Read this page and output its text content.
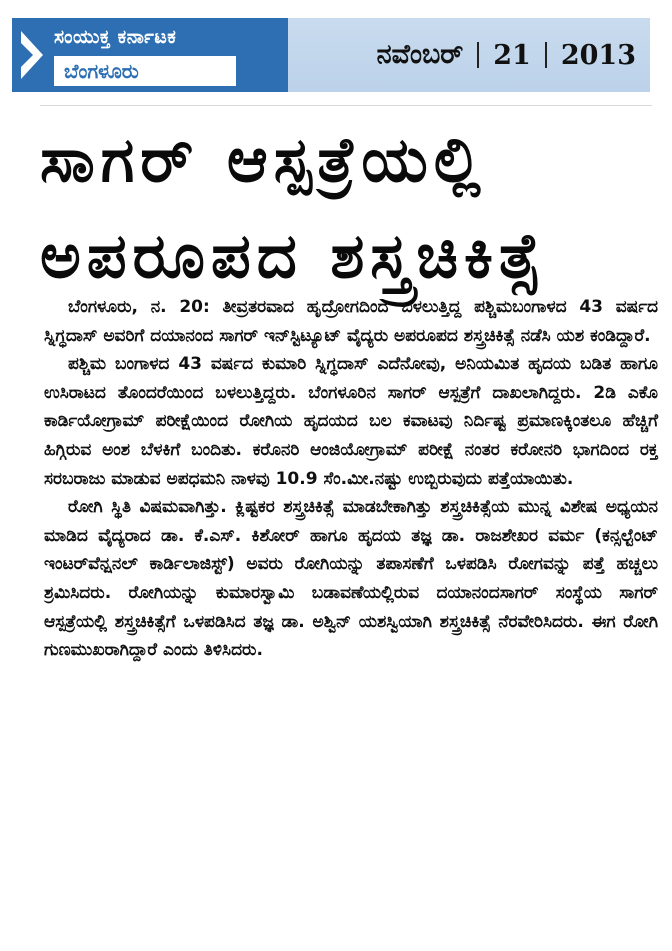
ಸಂಯುಕ್ತ ಕರ್ನಾಟಕ
ಬೆಂಗಳೂರು
ನವೆಂಬರ್ 21 2013
ಸಾಗರ್ ಆಸ್ಪತ್ರೆಯಲ್ಲಿ
ಅಪರೂಪದ ಶಸ್ತ್ರಚಿಕಿತ್ಸೆ

ಬೆಂಗಳೂರು, ನ. 20: ತೀವ್ರತರವಾದ ಹೃದ್ರೋಗದಿಂದ ಬಳಲುತ್ತಿದ್ದ ಪಶ್ಚಿಮಬಂಗಾಳದ 43 ವರ್ಷದ ಸ್ನಿಗ್ಧದಾಸ್ ಅವರಿಗೆ ದಯಾನಂದ ಸಾಗರ್ ಇನ್‌ಸ್ಟಿಟ್ಯೂಟ್ ವೈದ್ಯರು ಅಪರೂಪದ ಶಸ್ತ್ರಚಿಕಿತ್ಸೆ ನಡೆಸಿ ಯಶ ಕಂಡಿದ್ದಾರೆ.

ಪಶ್ಚಿಮ ಬಂಗಾಳದ 43 ವರ್ಷದ ಕುಮಾರಿ ಸ್ನಿಗ್ಧದಾಸ್ ಎದೆನೋವು, ಅನಿಯಮಿತ ಹೃದಯ ಬಡಿತ ಹಾಗೂ ಉಸಿರಾಟದ ತೊಂದರೆಯಿಂದ ಬಳಲುತ್ತಿದ್ದರು. ಬೆಂಗಳೂರಿನ ಸಾಗರ್ ಆಸ್ಪತ್ರೆಗೆ ದಾಖಲಾಗಿದ್ದರು. 2ಡಿ ಎಕೊ ಕಾರ್ಡಿಯೋಗ್ರಾಮ್ ಪರೀಕ್ಷೆಯಿಂದ ರೋಗಿಯ ಹೃದಯದ ಬಲ ಕವಾಟವು ನಿರ್ದಿಷ್ಟ ಪ್ರಮಾಣಕ್ಕಿಂತಲೂ ಹೆಚ್ಚಿಗೆ ಹಿಗ್ಗಿರುವ ಅಂಶ ಬೆಳಕಿಗೆ ಬಂದಿತು. ಕರೊನರಿ ಆಂಜಿಯೋಗ್ರಾಮ್ ಪರೀಕ್ಷೆ ನಂತರ ಕರೋನರಿ ಭಾಗದಿಂದ ರಕ್ತ ಸರಬರಾಜು ಮಾಡುವ ಅಪಧಮನಿ ನಾಳವು 10.9 ಸೆಂ.ಮೀ.ನಷ್ಟು ಉಬ್ಬಿರುವುದು ಪತ್ತೆಯಾಯಿತು.

ರೋಗಿ ಸ್ಥಿತಿ ವಿಷಮವಾಗಿತ್ತು. ಕ್ಲಿಷ್ಟಕರ ಶಸ್ತ್ರಚಿಕಿತ್ಸೆ ಮಾಡಬೇಕಾಗಿತ್ತು ಶಸ್ತ್ರಚಿಕಿತ್ಸೆಯ ಮುನ್ನ ವಿಶೇಷ ಅಧ್ಯಯನ ಮಾಡಿದ ವೈದ್ಯರಾದ ಡಾ. ಕೆ.ಎಸ್. ಕಿಶೋರ್ ಹಾಗೂ ಹೃದಯ ತಜ್ಞ ಡಾ. ರಾಜಶೇಖರ ವರ್ಮ (ಕನ್ಸಲ್ಟೆಂಟ್ ಇಂಟರ್‌ವೆನ್ಷನಲ್ ಕಾರ್ಡಿಲಾಜಿಸ್ಟ್) ಅವರು ರೋಗಿಯನ್ನು ತಪಾಸಣೆಗೆ ಒಳಪಡಿಸಿ ರೋಗವನ್ನು ಪತ್ತೆ ಹಚ್ಚಲು ಶ್ರಮಿಸಿದರು. ರೋಗಿಯನ್ನು ಕುಮಾರಸ್ವಾಮಿ ಬಡಾವಣೆಯಲ್ಲಿರುವ ದಯಾನಂದಸಾಗರ್ ಸಂಸ್ಥೆಯ ಸಾಗರ್ ಆಸ್ಪತ್ರೆಯಲ್ಲಿ ಶಸ್ತ್ರಚಿಕಿತ್ಸೆಗೆ ಒಳಪಡಿಸಿದ ತಜ್ಞ ಡಾ. ಅಶ್ವಿನ್ ಯಶಸ್ವಿಯಾಗಿ ಶಸ್ತ್ರಚಿಕಿತ್ಸೆ ನೆರವೇರಿಸಿದರು. ಈಗ ರೋಗಿ ಗುಣಮುಖರಾಗಿದ್ದಾರೆ ಎಂದು ತಿಳಿಸಿದರು.
